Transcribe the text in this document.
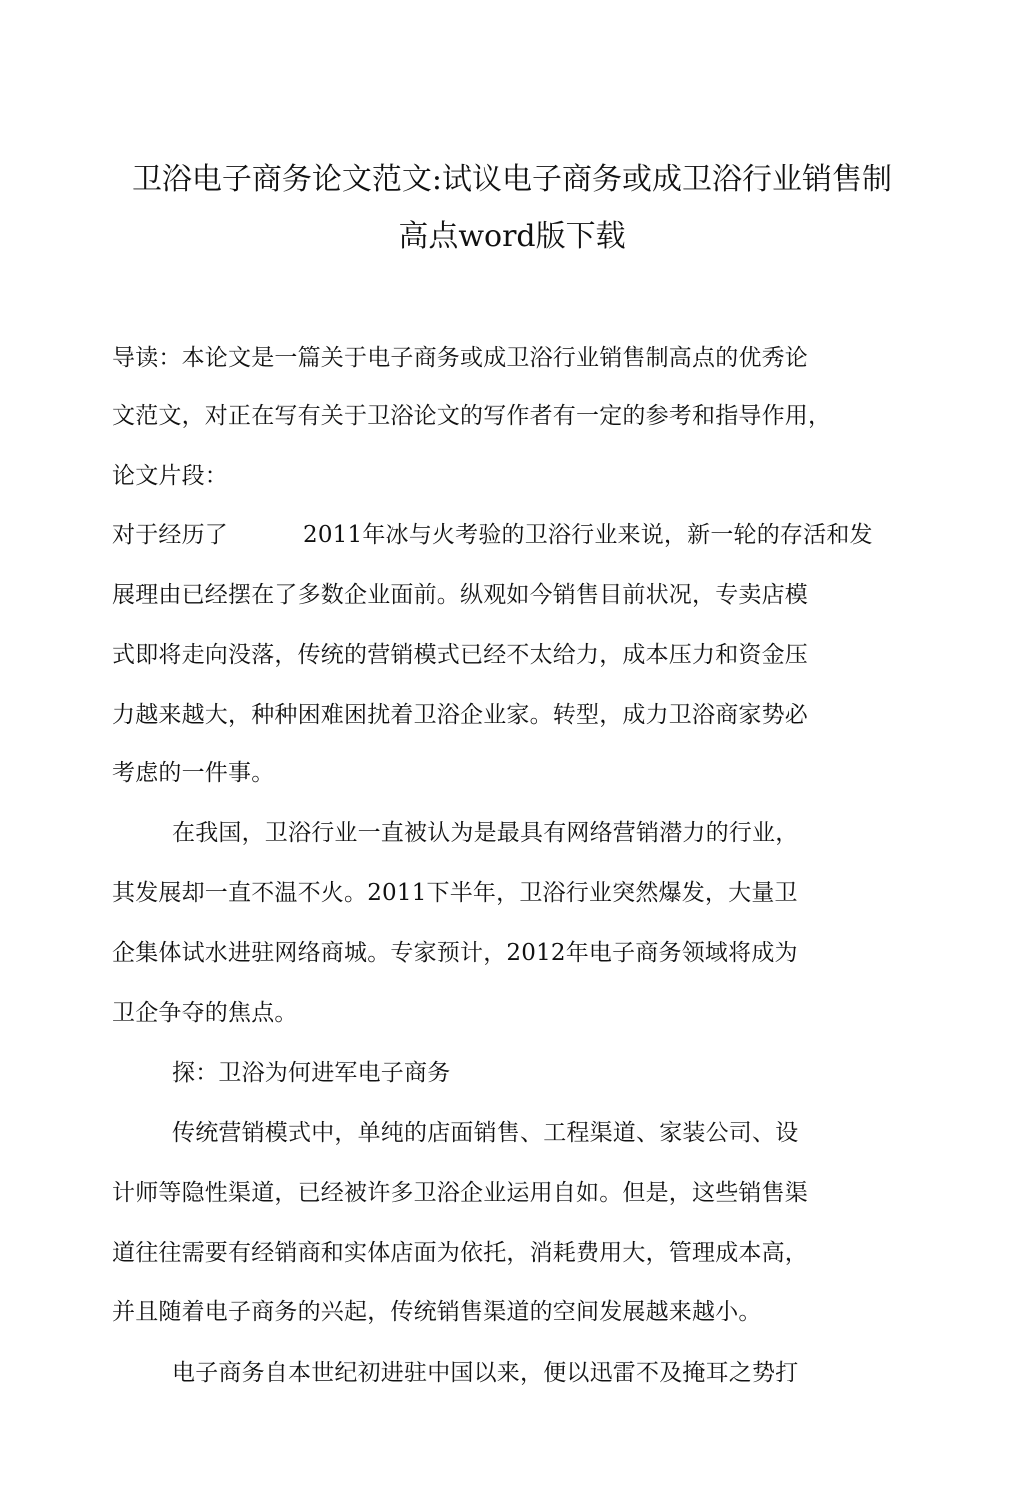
卫浴电子商务论文范文:试议电子商务或成卫浴行业销售制
高点word版下载
导读：本论文是一篇关于电子商务或成卫浴行业销售制高点的优秀论
文范文，对正在写有关于卫浴论文的写作者有一定的参考和指导作用，
论文片段：
对于经历了	2011年冰与火考验的卫浴行业来说，新一轮的存活和发
展理由已经摆在了多数企业面前。纵观如今销售目前状况，专卖店模
式即将走向没落，传统的营销模式已经不太给力，成本压力和资金压
力越来越大，种种困难困扰着卫浴企业家。转型，成力卫浴商家势必
考虑的一件事。
在我国，卫浴行业一直被认为是最具有网络营销潜力的行业，
其发展却一直不温不火。2011下半年，卫浴行业突然爆发，大量卫
企集体试水进驻网络商城。专家预计，2012年电子商务领域将成为
卫企争夺的焦点。
探：卫浴为何进军电子商务
传统营销模式中，单纯的店面销售、工程渠道、家装公司、设
计师等隐性渠道，已经被许多卫浴企业运用自如。但是，这些销售渠
道往往需要有经销商和实体店面为依托，消耗费用大，管理成本高，
并且随着电子商务的兴起，传统销售渠道的空间发展越来越小。
电子商务自本世纪初进驻中国以来，便以迅雷不及掩耳之势打
